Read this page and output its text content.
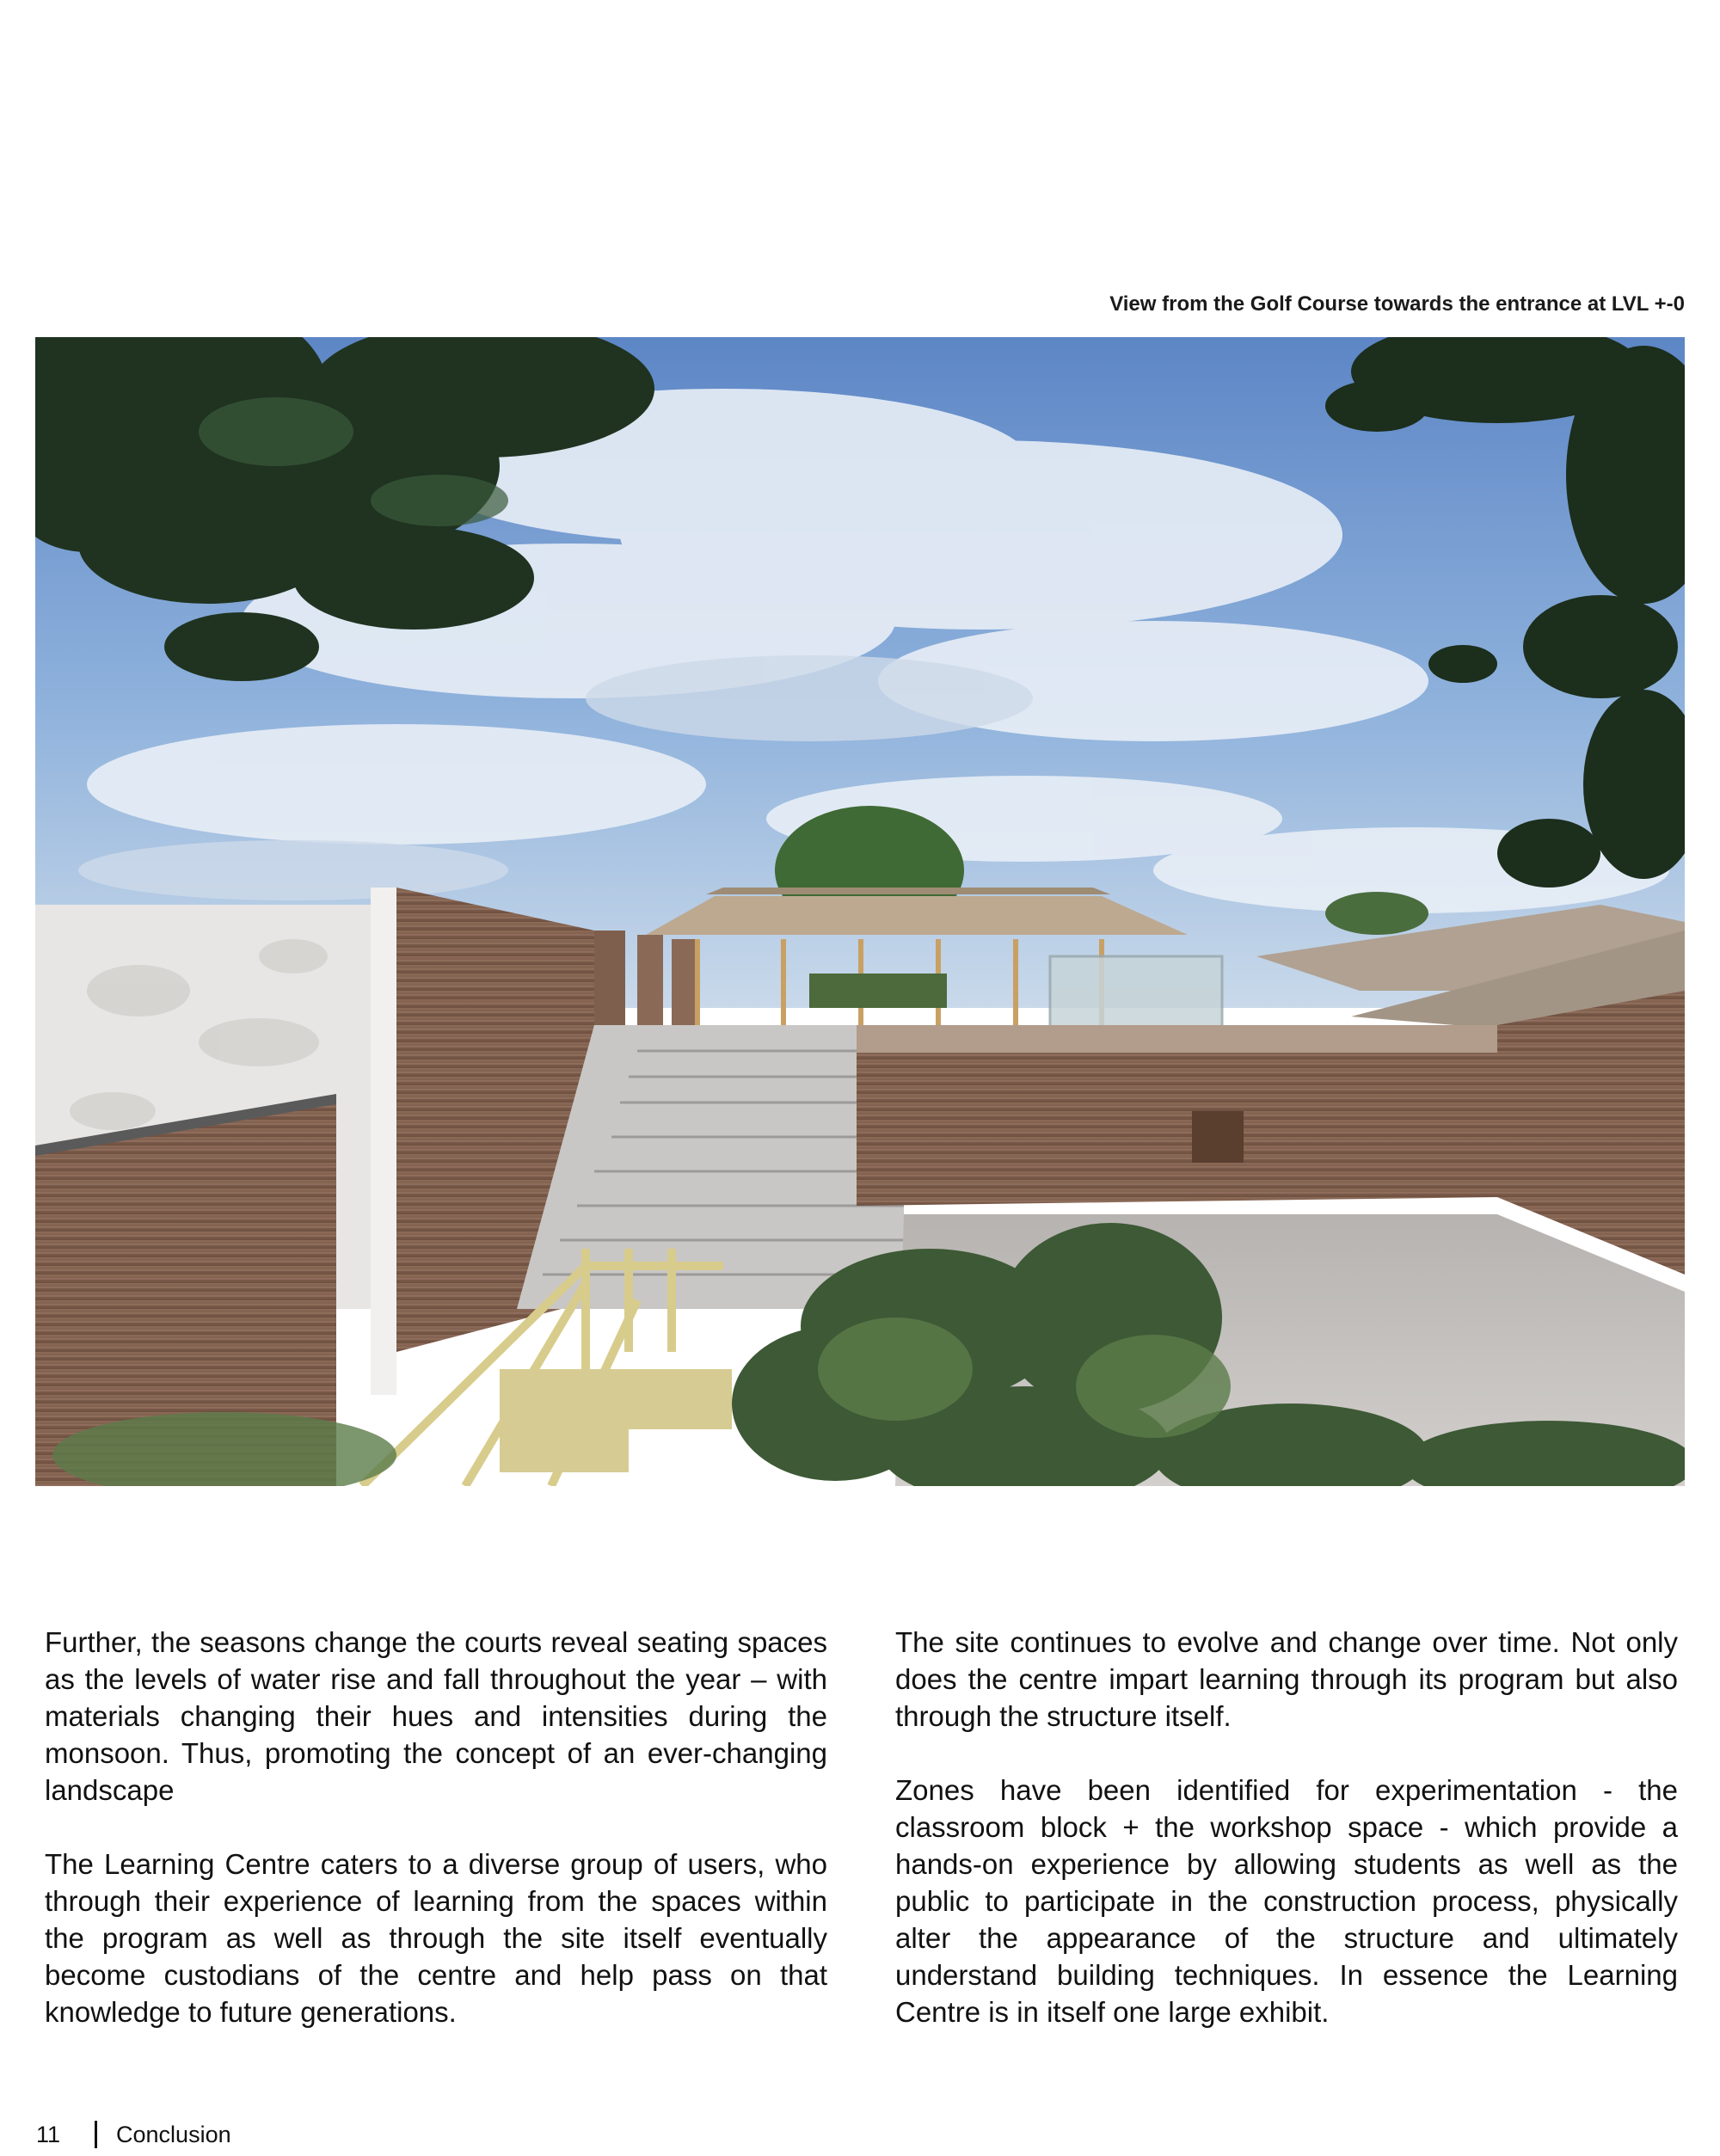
View from the Golf Course towards the entrance at LVL +-0

Further, the seasons change the courts reveal seating spaces as the levels of water rise and fall throughout the year – with materials changing their hues and intensities during the monsoon. Thus, promoting the concept of an ever-changing landscape

The Learning Centre caters to a diverse group of users, who through their experience of learning from the spaces within the program as well as through the site itself eventually become custodians of the centre and help pass on that knowledge to future generations.

The site continues to evolve and change over time. Not only does the centre impart learning through its program but also through the structure itself.

Zones have been identified for experimentation - the classroom block + the workshop space - which provide a hands-on experience by allowing students as well as the public to participate in the construction process, physically alter the appearance of the structure and ultimately understand building techniques. In essence the Learning Centre is in itself one large exhibit.

11 Conclusion
